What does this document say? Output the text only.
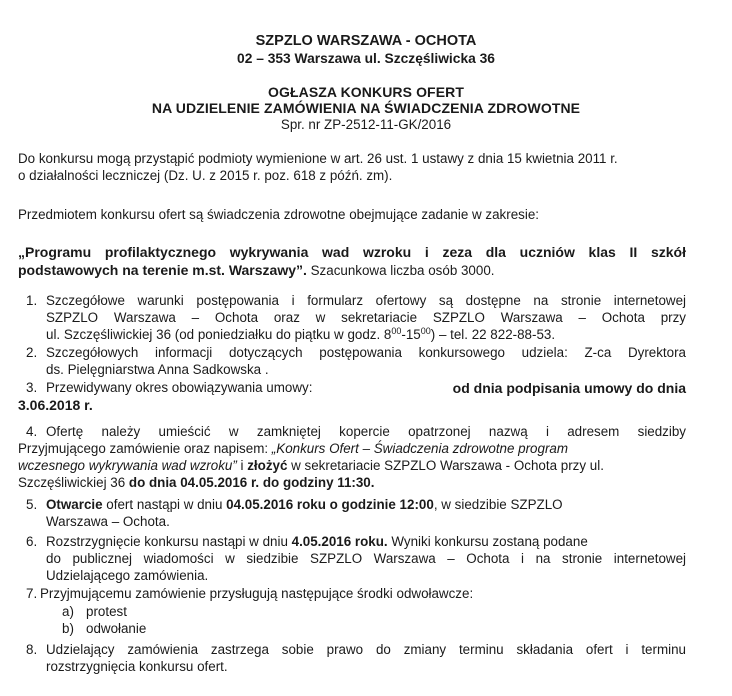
SZPZLO WARSZAWA - OCHOTA
02 – 353 Warszawa ul. Szczęśliwicka 36
OGŁASZA KONKURS OFERT
NA UDZIELENIE ZAMÓWIENIA NA ŚWIADCZENIA ZDROWOTNE
Spr. nr ZP-2512-11-GK/2016
Do konkursu mogą przystąpić podmioty wymienione w art. 26 ust. 1 ustawy z dnia 15 kwietnia 2011 r.
o działalności leczniczej (Dz. U. z 2015 r. poz. 618 z późń. zm).
Przedmiotem konkursu ofert są świadczenia zdrowotne obejmujące zadanie w zakresie:
„Programu profilaktycznego wykrywania wad wzroku i zeza dla uczniów klas II szkół
podstawowych na terenie m.st. Warszawy”. Szacunkowa liczba osób 3000.
1. Szczegółowe warunki postępowania i formularz ofertowy są dostępne na stronie internetowej
SZPZLO Warszawa – Ochota oraz w sekretariacie SZPZLO Warszawa – Ochota przy
ul. Szczęśliwickiej 36 (od poniedziałku do piątku w godz. $8^{00}-15^{00}$) – tel. 22 822-88-53.
2. Szczegółowych informacji dotyczących postępowania konkursowego udziela: Z-ca Dyrektora
ds. Pielęgniarstwa Anna Sadkowska .
3. Przewidywany okres obowiązywania umowy:	od dnia podpisania umowy do dnia
3.06.2018 r.
4. Ofertę należy umieścić w zamkniętej kopercie opatrzonej nazwą i adresem siedziby
Przyjmującego zamówienie oraz napisem: „Konkurs Ofert – Świadczenia zdrowotne program
wczesnego wykrywania wad wzroku” i złożyć w sekretariacie SZPZLO Warszawa - Ochota przy ul.
Szczęśliwickiej 36 do dnia 04.05.2016 r. do godziny 11:30.
5. Otwarcie ofert nastąpi w dniu 04.05.2016 roku o godzinie 12:00, w siedzibie SZPZLO
Warszawa – Ochota.
6. Rozstrzygnięcie konkursu nastąpi w dniu 4.05.2016 roku. Wyniki konkursu zostaną podane
do publicznej wiadomości w siedzibie SZPZLO Warszawa – Ochota i na stronie internetowej
Udzielającego zamówienia.
7. Przyjmującemu zamówienie przysługują następujące środki odwoławcze:
a) protest
b) odwołanie
8. Udzielający zamówienia zastrzega sobie prawo do zmiany terminu składania ofert i terminu
rozstrzygnięcia konkursu ofert.
